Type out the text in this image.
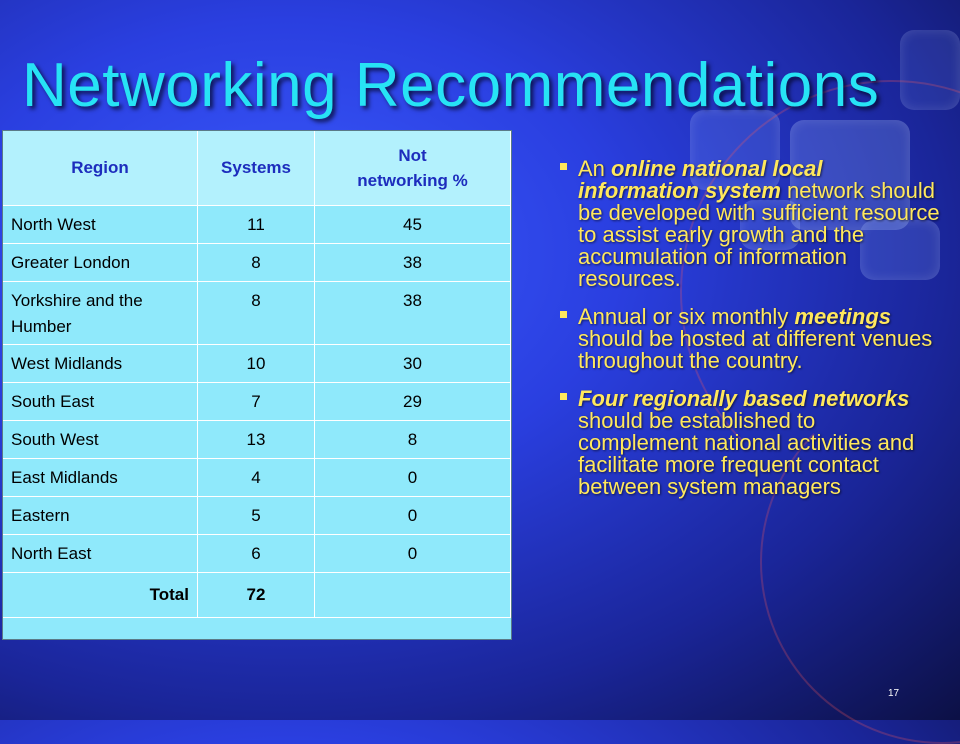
Networking Recommendations
Region	Systems	Not networking %
North West	11	45
Greater London	8	38
Yorkshire and the Humber	8	38
West Midlands	10	30
South East	7	29
South West	13	8
East Midlands	4	0
Eastern	5	0
North East	6	0
Total	72	
An online national local information system network should be developed with sufficient resource to assist early growth and the accumulation of information resources.
Annual or six monthly meetings should be hosted at different venues throughout the country.
Four regionally based networks should be established to complement national activities and facilitate more frequent contact between system managers
17
